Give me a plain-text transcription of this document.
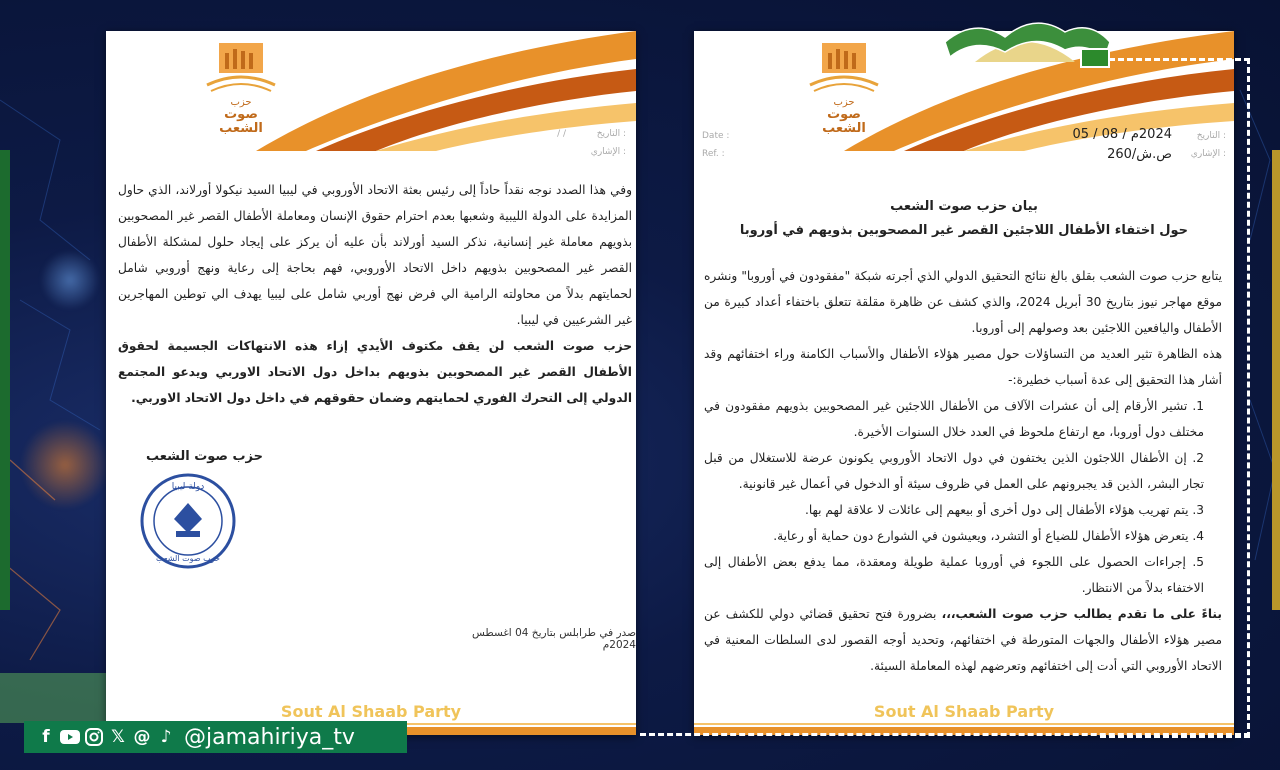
حزب
صوت الشعب	التاريخ :
/ /
الإشاري :

وفي هذا الصدد نوجه نقداً حاداً إلى رئيس بعثة الاتحاد الأوروبي في ليبيا السيد نيكولا أورلاند، الذي حاول المزايدة على الدولة الليبية وشعبها بعدم احترام حقوق الإنسان ومعاملة الأطفال القصر غير المصحوبين بذويهم معاملة غير إنسانية، نذكر السيد أورلاند بأن عليه أن يركز على إيجاد حلول لمشكلة الأطفال القصر غير المصحوبين بذويهم داخل الاتحاد الأوروبي، فهم بحاجة إلى رعاية ونهج أوروبي شامل لحمايتهم بدلاً من محاولته الرامية الي فرض نهج أوربي شامل على ليبيا يهدف الي توطين المهاجرين غير الشرعيين في ليبيا.

حزب صوت الشعب لن يقف مكتوف الأيدي إزاء هذه الانتهاكات الجسيمة لحقوق الأطفال القصر غير المصحوبين بذويهم بداخل دول الاتحاد الاوربي ويدعو المجتمع الدولي إلى التحرك الفوري لحمايتهم وضمان حقوقهم في داخل دول الاتحاد الاوربي.

حزب صوت الشعب
دولة ليبيا
حزب صوت الشعب
صدر في طرابلس بتاريخ 04 اغسطس 2024م
Sout Al Shaab Party
حزب
صوت الشعب
Date :
Ref. :
التاريخ :
الإشاري :
2024م / 08 / 05
ص.ش/260
بيان حزب صوت الشعب
حول اختفاء الأطفال اللاجئين القصر غير المصحوبين بذويهم في أوروبا

يتابع حزب صوت الشعب بقلق بالغ نتائج التحقيق الدولي الذي أجرته شبكة "مفقودون في أوروبا" ونشره موقع مهاجر نيوز بتاريخ 30 أبريل 2024، والذي كشف عن ظاهرة مقلقة تتعلق باختفاء أعداد كبيرة من الأطفال واليافعين اللاجئين بعد وصولهم إلى أوروبا.

هذه الظاهرة تثير العديد من التساؤلات حول مصير هؤلاء الأطفال والأسباب الكامنة وراء اختفائهم وقد أشار هذا التحقيق إلى عدة أسباب خطيرة:-

1. تشير الأرقام إلى أن عشرات الآلاف من الأطفال اللاجئين غير المصحوبين بذويهم مفقودون في مختلف دول أوروبا، مع ارتفاع ملحوظ في العدد خلال السنوات الأخيرة.

2. إن الأطفال اللاجئون الذين يختفون في دول الاتحاد الأوروبي يكونون عرضة للاستغلال من قبل تجار البشر، الذين قد يجبرونهم على العمل في ظروف سيئة أو الدخول في أعمال غير قانونية.

3. يتم تهريب هؤلاء الأطفال إلى دول أخرى أو بيعهم إلى عائلات لا علاقة لهم بها.

4. يتعرض هؤلاء الأطفال للضياع أو التشرد، ويعيشون في الشوارع دون حماية أو رعاية.

5. إجراءات الحصول على اللجوء في أوروبا عملية طويلة ومعقدة، مما يدفع بعض الأطفال إلى الاختفاء بدلاً من الانتظار.

بناءً على ما تقدم يطالب حزب صوت الشعب،،، بضرورة فتح تحقيق قضائي دولي للكشف عن مصير هؤلاء الأطفال والجهات المتورطة في اختفائهم، وتحديد أوجه القصور لدى السلطات المعنية في الاتحاد الأوروبي التي أدت إلى اختفائهم وتعرضهم لهذه المعاملة السيئة.

Sout Al Shaab Party
f	𝕏 @ ♪ @jamahiriya_tv
